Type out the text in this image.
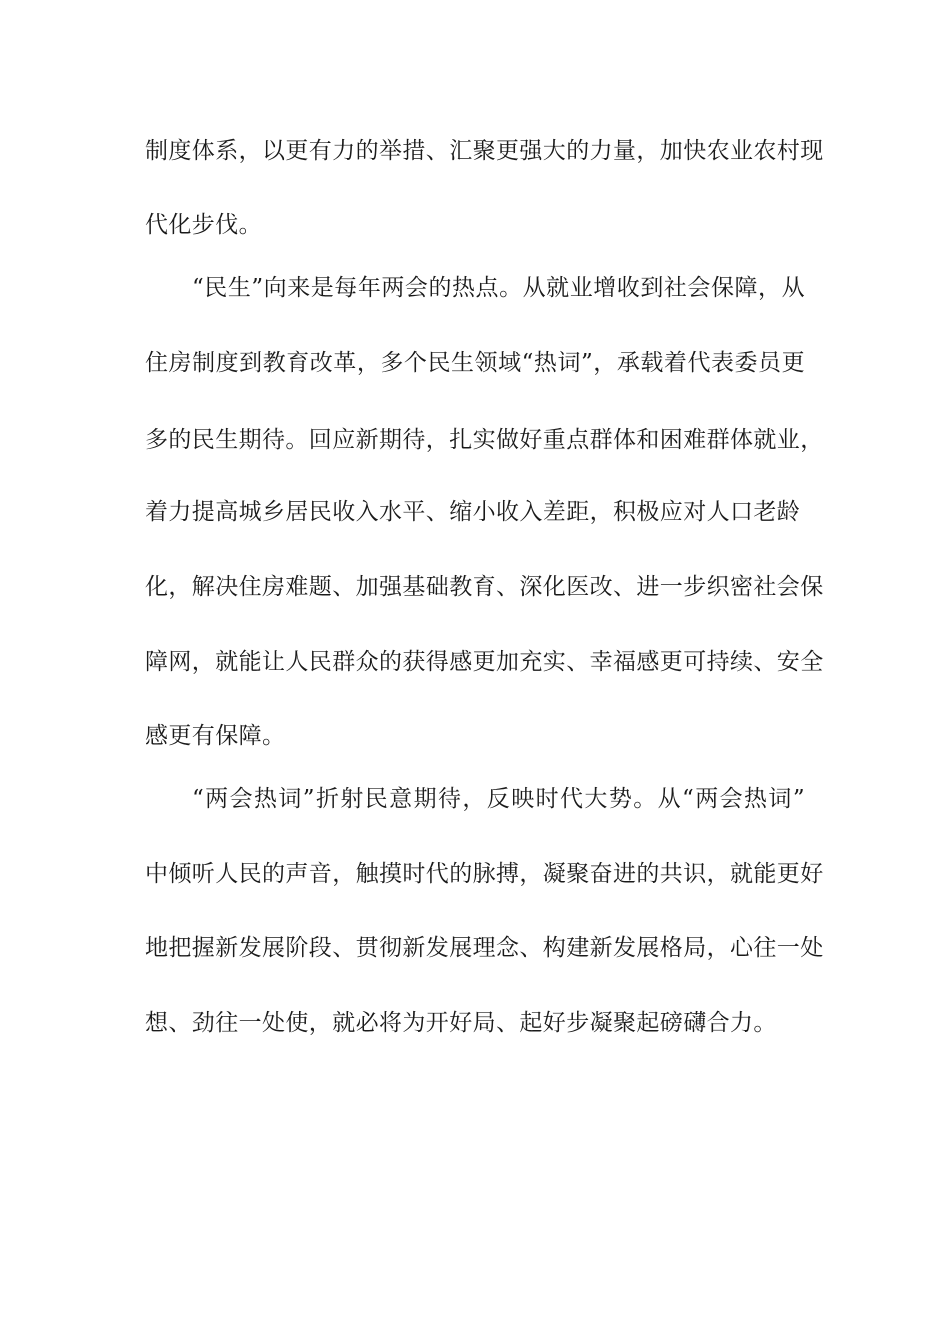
制度体系，以更有力的举措、汇聚更强大的力量，加快农业农村现
代化步伐。
“民生”向来是每年两会的热点。从就业增收到社会保障，从
住房制度到教育改革，多个民生领域“热词”，承载着代表委员更
多的民生期待。回应新期待，扎实做好重点群体和困难群体就业，
着力提高城乡居民收入水平、缩小收入差距，积极应对人口老龄
化，解决住房难题、加强基础教育、深化医改、进一步织密社会保
障网，就能让人民群众的获得感更加充实、幸福感更可持续、安全
感更有保障。
“两会热词”折射民意期待，反映时代大势。从“两会热词”
中倾听人民的声音，触摸时代的脉搏，凝聚奋进的共识，就能更好
地把握新发展阶段、贯彻新发展理念、构建新发展格局，心往一处
想、劲往一处使，就必将为开好局、起好步凝聚起磅礴合力。
